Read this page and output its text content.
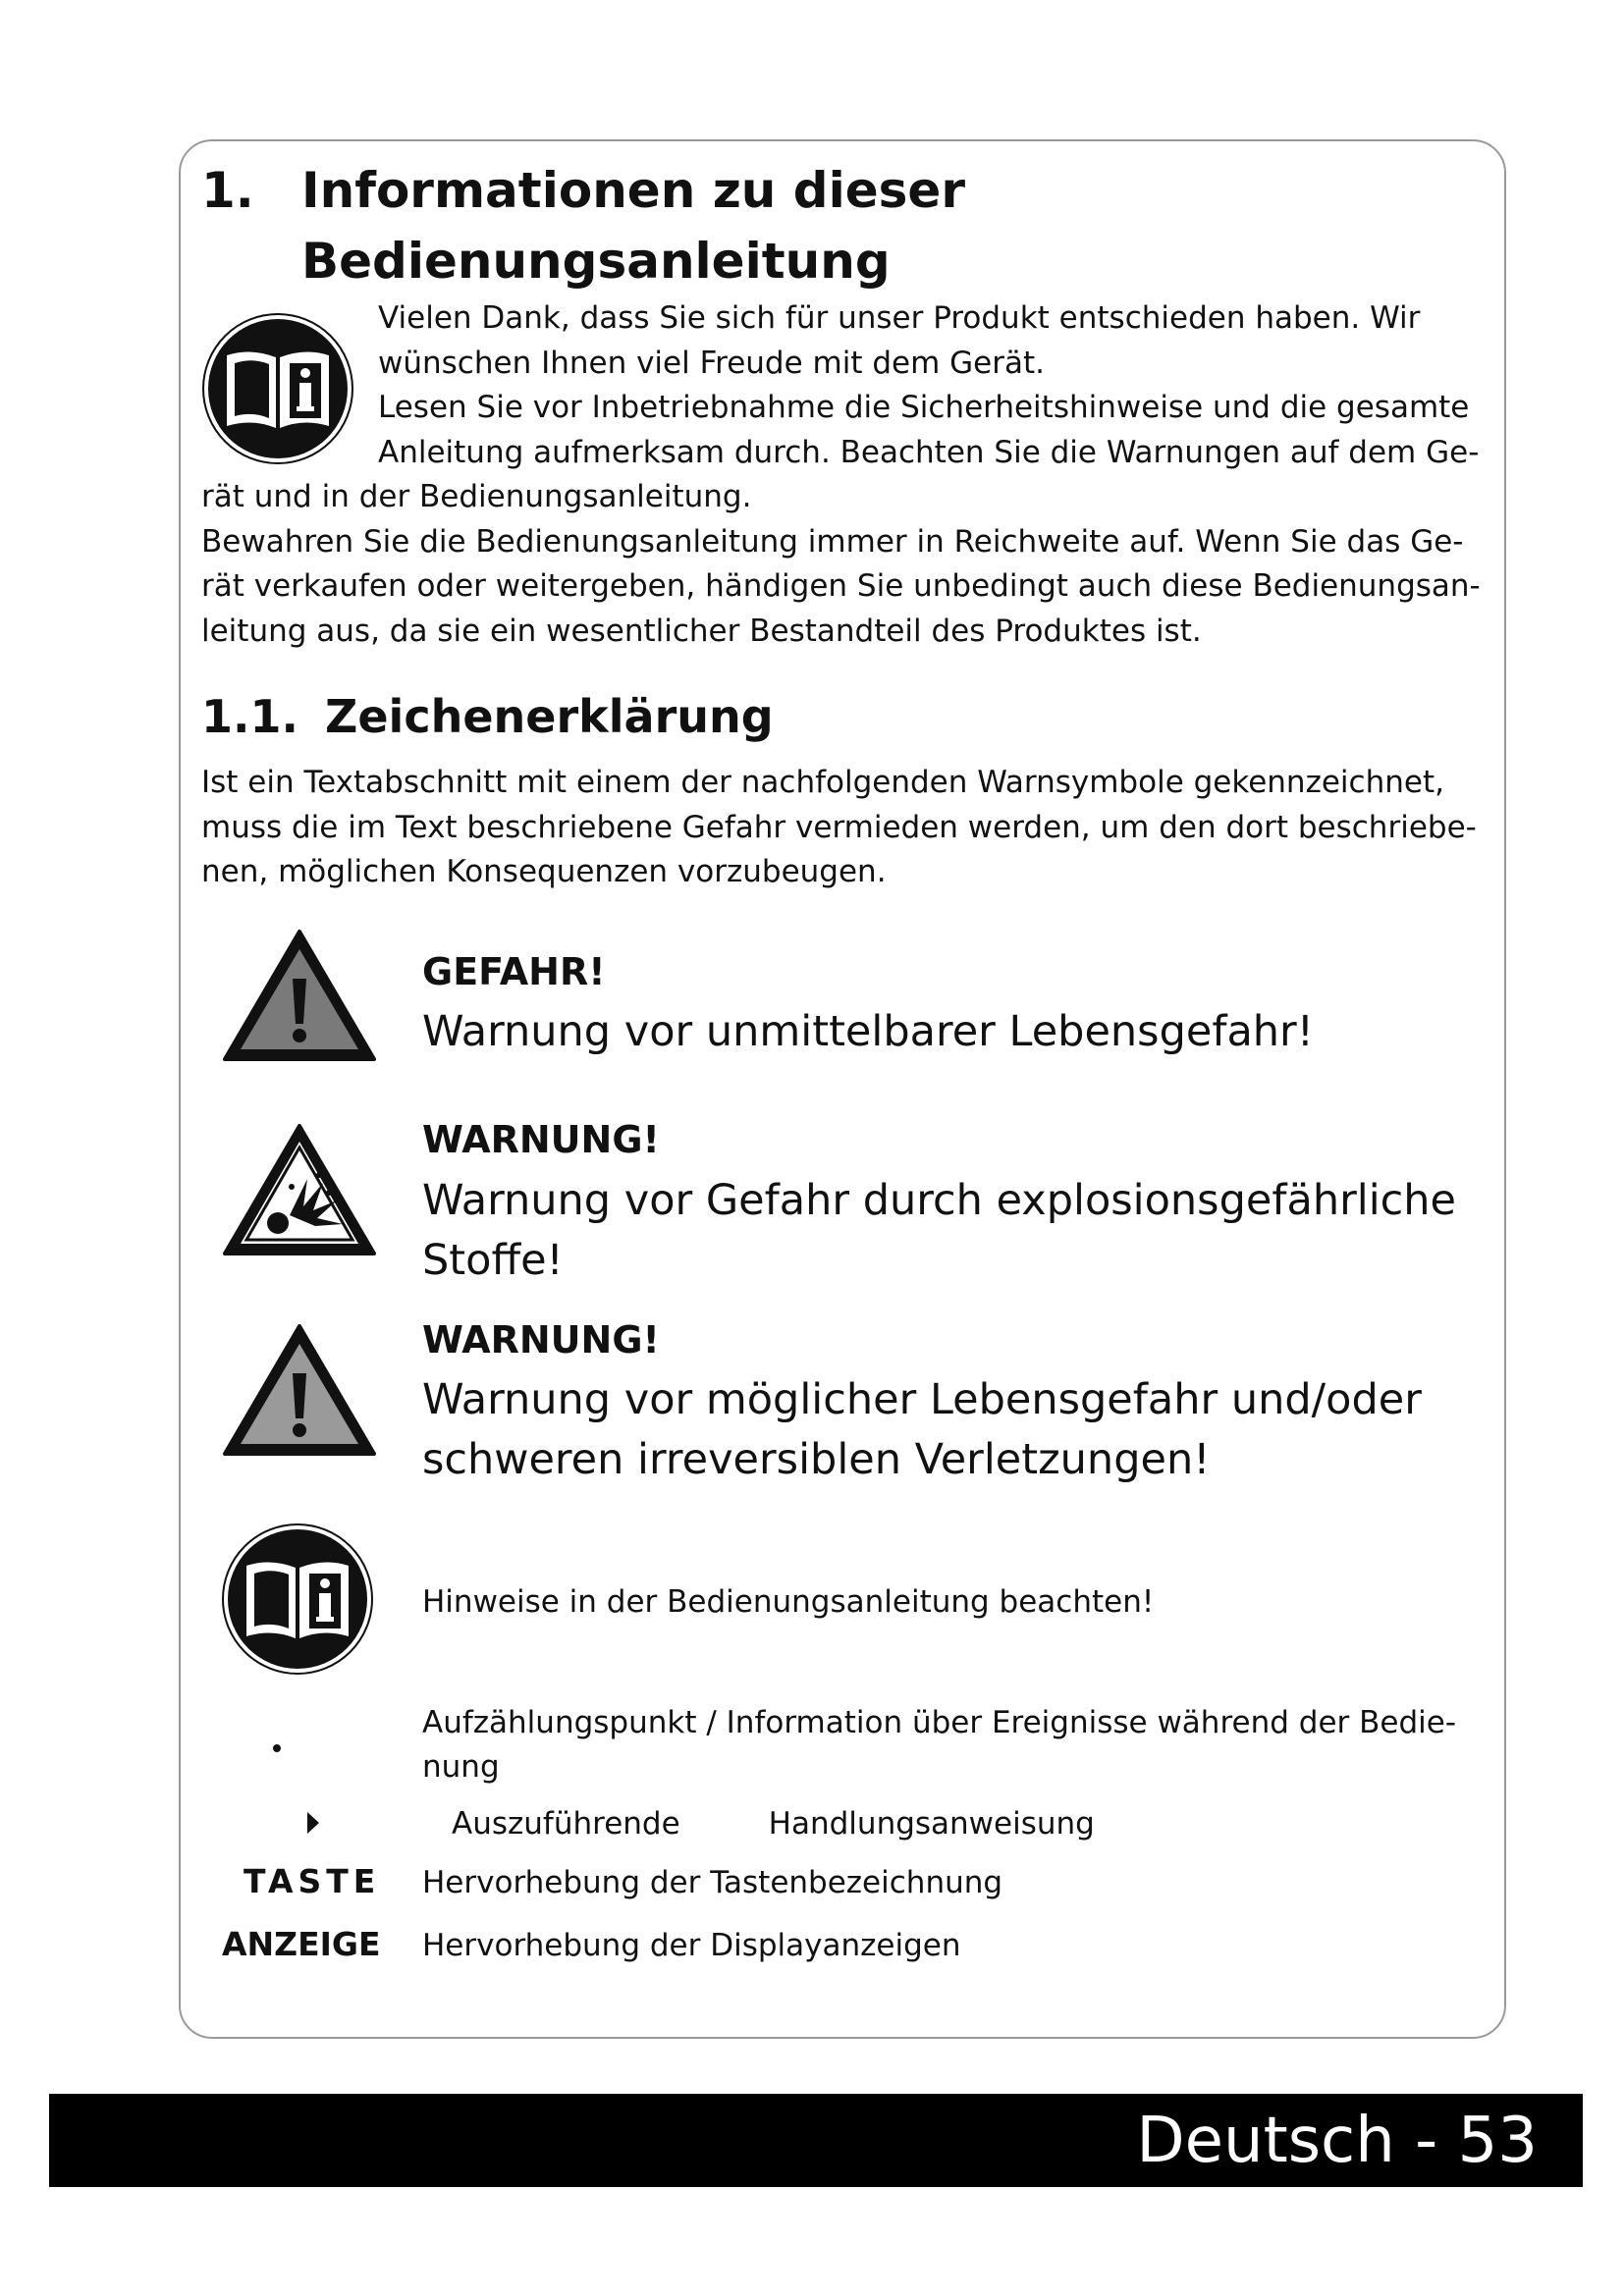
1. Informationen zu dieser
Bedienungsanleitung
Vielen Dank, dass Sie sich für unser Produkt entschieden haben. Wir
wünschen Ihnen viel Freude mit dem Gerät.
Lesen Sie vor Inbetriebnahme die Sicherheitshinweise und die gesamte
Anleitung aufmerksam durch. Beachten Sie die Warnungen auf dem Ge-
rät und in der Bedienungsanleitung.
Bewahren Sie die Bedienungsanleitung immer in Reichweite auf. Wenn Sie das Ge-
rät verkaufen oder weitergeben, händigen Sie unbedingt auch diese Bedienungsan-
leitung aus, da sie ein wesentlicher Bestandteil des Produktes ist.
1.1. Zeichenerklärung
Ist ein Textabschnitt mit einem der nachfolgenden Warnsymbole gekennzeichnet,
muss die im Text beschriebene Gefahr vermieden werden, um den dort beschriebe-
nen, möglichen Konsequenzen vorzubeugen.
GEFAHR!
Warnung vor unmittelbarer Lebensgefahr!
WARNUNG!
Warnung vor Gefahr durch explosionsgefährliche
Stoffe!
WARNUNG!
Warnung vor möglicher Lebensgefahr und/oder
schweren irreversiblen Verletzungen!
Hinweise in der Bedienungsanleitung beachten!
Aufzählungspunkt / Information über Ereignisse während der Bedie-
nung
Auszuführende	Handlungsanweisung
TASTE Hervorhebung der Tastenbezeichnung
ANZEIGE Hervorhebung der Displayanzeigen
Deutsch - 53
